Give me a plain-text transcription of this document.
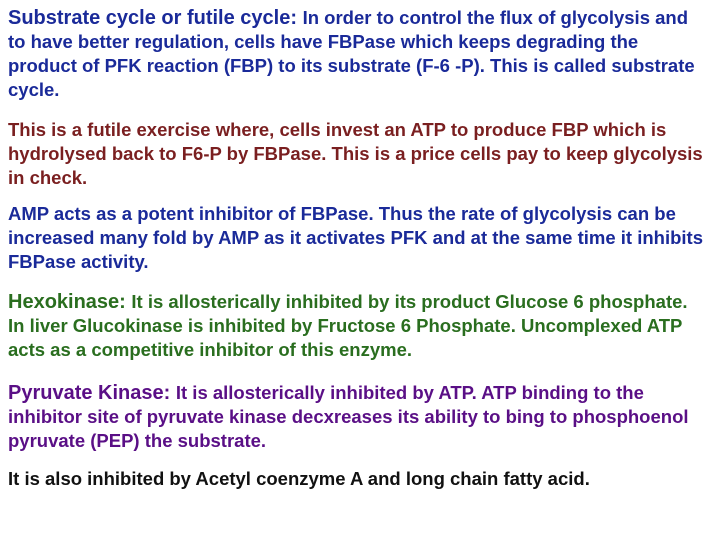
Substrate cycle or futile cycle: In order to control the flux of glycolysis and to have better regulation, cells have FBPase which keeps degrading the product of PFK reaction (FBP) to its substrate (F-6 -P). This is called substrate cycle.

This is a futile exercise where, cells invest an ATP to produce FBP which is hydrolysed back to F6-P by FBPase. This is a price cells pay to keep glycolysis in check.

AMP acts as a potent inhibitor of FBPase. Thus the rate of glycolysis can be increased many fold by AMP as it activates PFK and at the same time it inhibits FBPase activity.

Hexokinase: It is allosterically inhibited by its product Glucose 6 phosphate. In liver Glucokinase is inhibited by Fructose 6 Phosphate. Uncomplexed ATP acts as a competitive inhibitor of this enzyme.

Pyruvate Kinase: It is allosterically inhibited by ATP. ATP binding to the inhibitor site of pyruvate kinase decxreases its ability to bing to phosphoenol pyruvate (PEP) the substrate.

It is also inhibited by Acetyl coenzyme A and long chain fatty acid.
